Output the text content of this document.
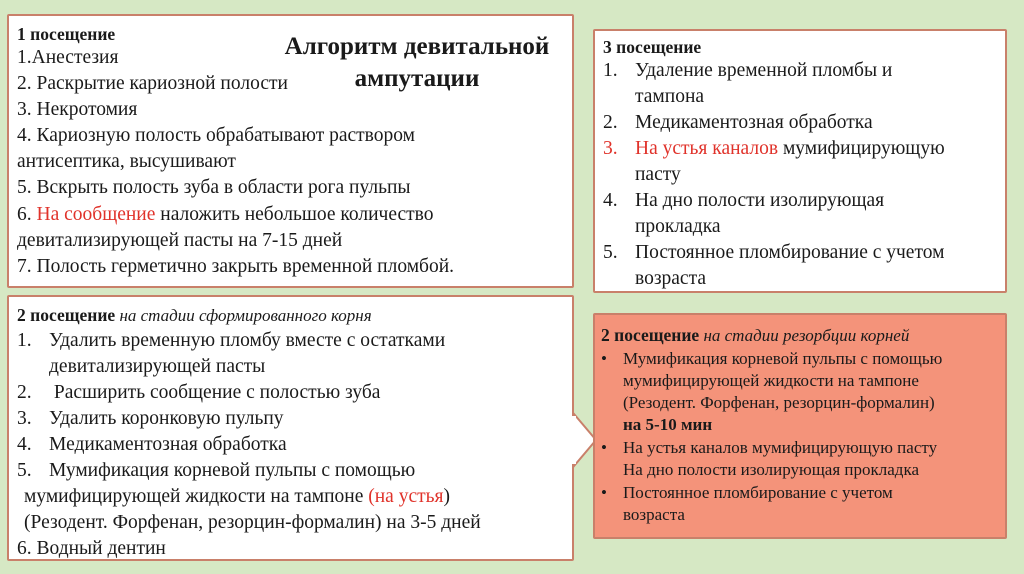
1 посещение
1.Анестезия
2. Раскрытие кариозной полости
3. Некротомия
4. Кариозную полость обрабатывают раствором
антисептика, высушивают
5. Вскрыть полость зуба в области рога пульпы
6. На сообщение наложить небольшое количество
девитализирующей пасты на 7-15 дней
7. Полость герметично закрыть временной пломбой.
Алгоритм девитальной
ампутации
2 посещение на стадии сформированного корня
1. Удалить временную пломбу вместе с остатками
девитализирующей пасты
2. Расширить сообщение с полостью зуба
3. Удалить коронковую пульпу
4. Медикаментозная обработка
5. Мумификация корневой пульпы с помощью
мумифицирующей жидкости на тампоне (на устья)
(Резодент. Форфенан, резорцин-формалин) на 3-5 дней
6. Водный дентин
3 посещение
1. Удаление временной пломбы и
тампона
2. Медикаментозная обработка
3. На устья каналов мумифицирующую
пасту
4. На дно полости изолирующая
прокладка
5. Постоянное пломбирование с учетом
возраста
2 посещение на стадии резорбции корней
• Мумификация корневой пульпы с помощью
мумифицирующей жидкости на тампоне
(Резодент. Форфенан, резорцин-формалин)
на 5-10 мин
• На устья каналов мумифицирующую пасту
На дно полости изолирующая прокладка
• Постоянное пломбирование с учетом
возраста
